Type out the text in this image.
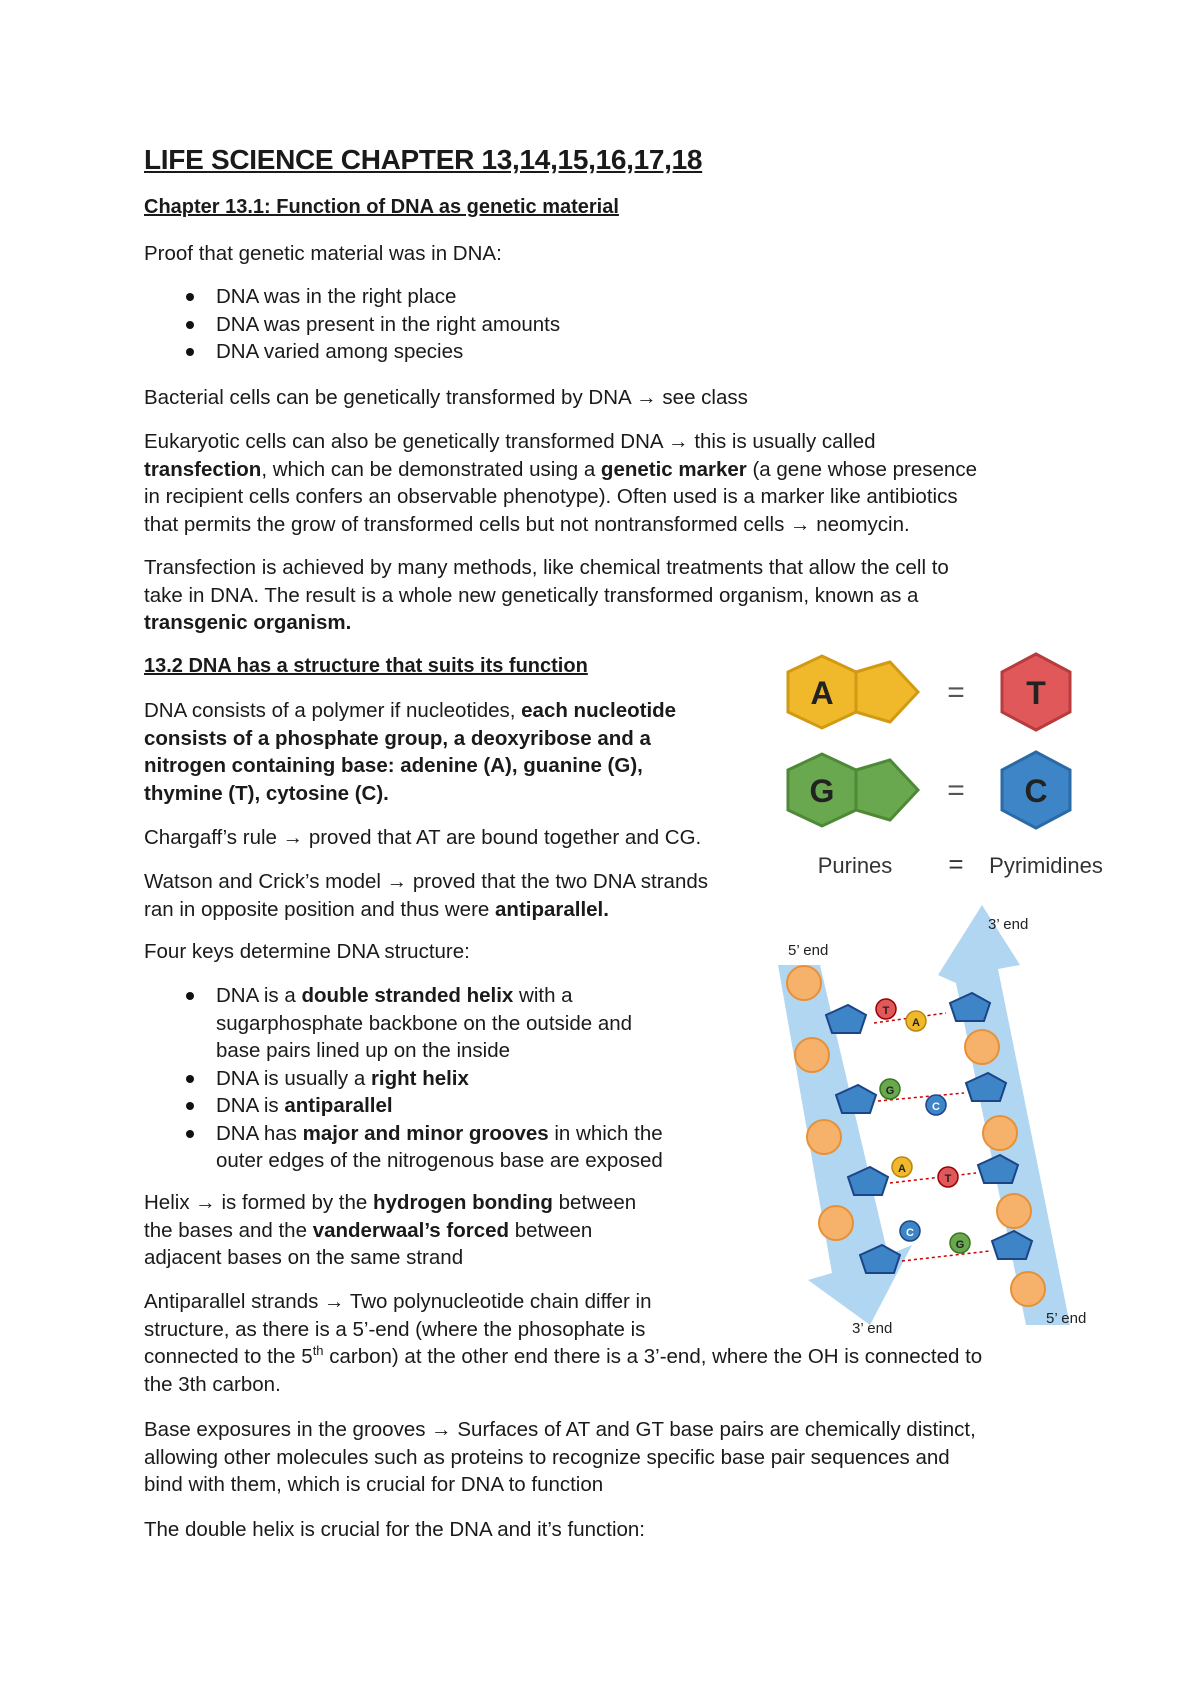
LIFE SCIENCE CHAPTER 13,14,15,16,17,18
Chapter 13.1: Function of DNA as genetic material
Proof that genetic material was in DNA:
DNA was in the right place
DNA was present in the right amounts
DNA varied among species
Bacterial cells can be genetically transformed by DNA → see class
Eukaryotic cells can also be genetically transformed DNA → this is usually called
transfection, which can be demonstrated using a genetic marker (a gene whose presence
in recipient cells confers an observable phenotype). Often used is a marker like antibiotics
that permits the grow of transformed cells but not nontransformed cells → neomycin.
Transfection is achieved by many methods, like chemical treatments that allow the cell to
take in DNA. The result is a whole new genetically transformed organism, known as a
transgenic organism.
13.2 DNA has a structure that suits its function
DNA consists of a polymer if nucleotides, each nucleotide
consists of a phosphate group, a deoxyribose and a
nitrogen containing base: adenine (A), guanine (G),
thymine (T), cytosine (C).
Chargaff’s rule → proved that AT are bound together and CG.
Watson and Crick’s model → proved that the two DNA strands
ran in opposite position and thus were antiparallel.
Four keys determine DNA structure:
DNA is a double stranded helix with a
sugarphosphate backbone on the outside and
base pairs lined up on the inside
DNA is usually a right helix
DNA is antiparallel
DNA has major and minor grooves in which the
outer edges of the nitrogenous base are exposed
Helix → is formed by the hydrogen bonding between
the bases and the vanderwaal’s forced between
adjacent bases on the same strand
Antiparallel strands → Two polynucleotide chain differ in
structure, as there is a 5’-end (where the phosophate is
connected to the 5th carbon) at the other end there is a 3’-end, where the OH is connected to
the 3th carbon.
Base exposures in the grooves → Surfaces of AT and GT base pairs are chemically distinct,
allowing other molecules such as proteins to recognize specific base pair sequences and
bind with them, which is crucial for DNA to function
The double helix is crucial for the DNA and it’s function:
A	= T
G	= C
Purines = Pyrimidines
5’ end
3’ end
3’ end
5’ end
T
A
G
C
A
T
C
G
